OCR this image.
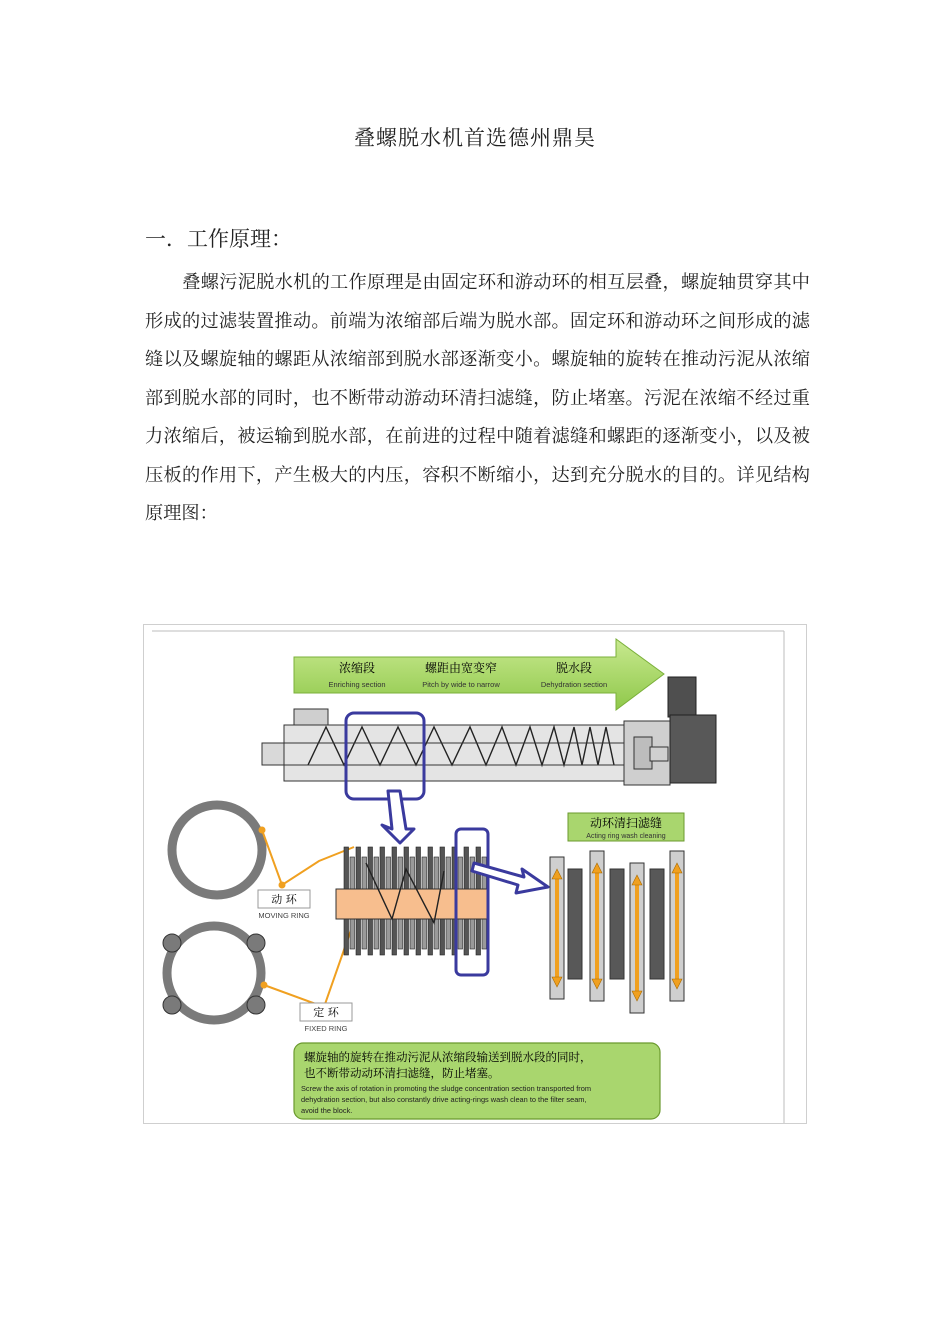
叠螺脱水机首选德州鼎昊
一．工作原理：
叠螺污泥脱水机的工作原理是由固定环和游动环的相互层叠，螺旋轴贯穿其中形成的过滤装置推动。前端为浓缩部后端为脱水部。固定环和游动环之间形成的滤缝以及螺旋轴的螺距从浓缩部到脱水部逐渐变小。螺旋轴的旋转在推动污泥从浓缩部到脱水部的同时，也不断带动游动环清扫滤缝，防止堵塞。污泥在浓缩不经过重力浓缩后，被运输到脱水部，在前进的过程中随着滤缝和螺距的逐渐变小，以及被压板的作用下，产生极大的内压，容积不断缩小，达到充分脱水的目的。详见结构原理图：
浓缩段
Enriching section
螺距由宽变窄
Pitch by wide to narrow
脱水段
Dehydration section
动 环
MOVING RING
定 环
FIXED RING
动环清扫滤缝
Acting ring wash cleaning
螺旋轴的旋转在推动污泥从浓缩段输送到脱水段的同时，
也不断带动动环清扫滤缝，防止堵塞。
Screw the axis of rotation in promoting the sludge concentration section transported from
dehydration section, but also constantly drive acting-rings wash clean to the filter seam,
avoid the block.
